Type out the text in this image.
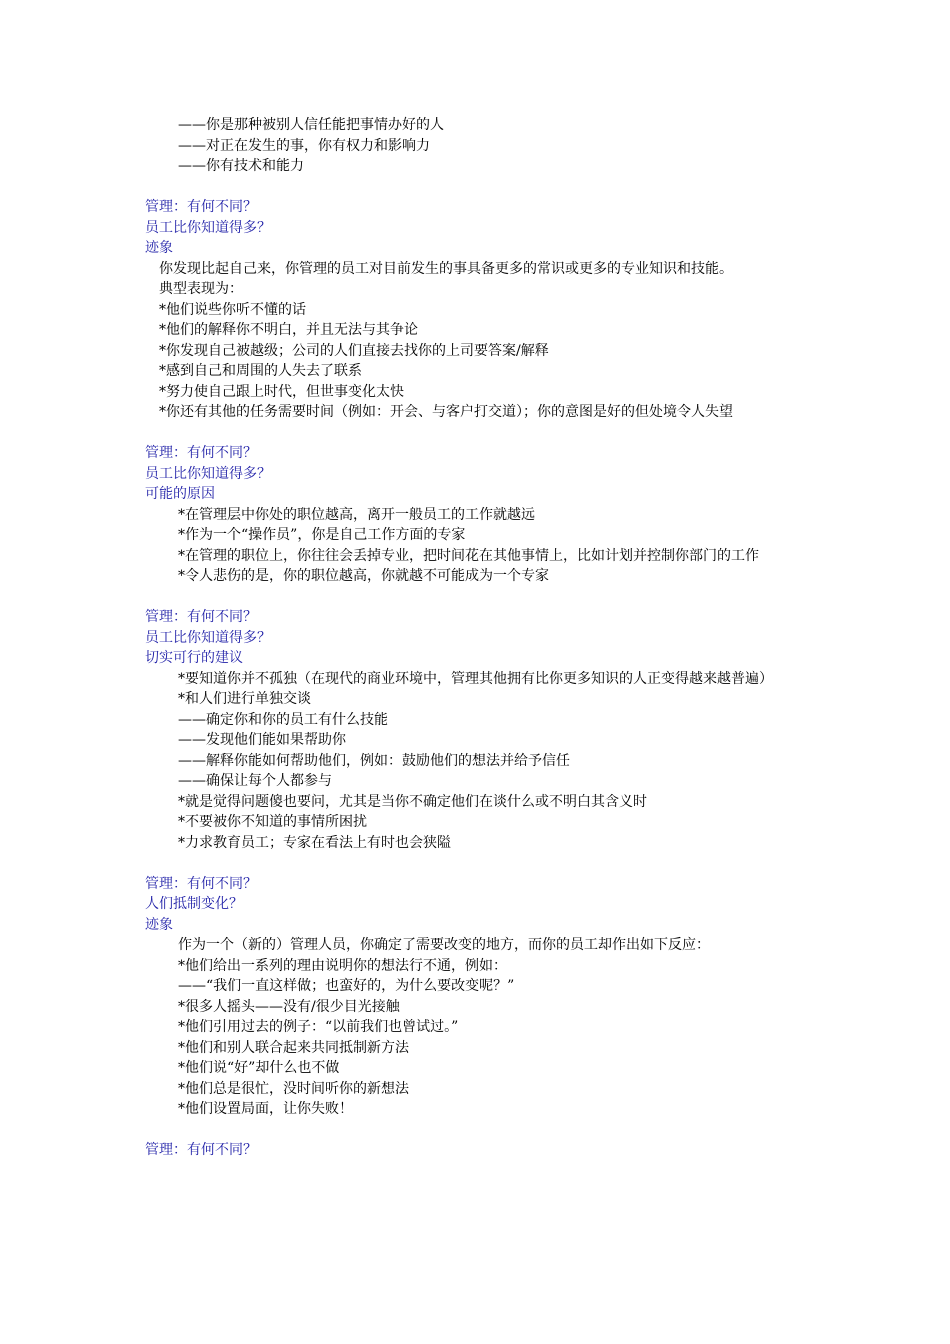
——你是那种被别人信任能把事情办好的人
——对正在发生的事，你有权力和影响力
——你有技术和能力
管理：有何不同？
员工比你知道得多？
迹象
你发现比起自己来，你管理的员工对目前发生的事具备更多的常识或更多的专业知识和技能。
典型表现为：
*他们说些你听不懂的话
*他们的解释你不明白，并且无法与其争论
*你发现自己被越级；公司的人们直接去找你的上司要答案/解释
*感到自己和周围的人失去了联系
*努力使自己跟上时代，但世事变化太快
*你还有其他的任务需要时间（例如：开会、与客户打交道）；你的意图是好的但处境令人失望
管理：有何不同？
员工比你知道得多？
可能的原因
*在管理层中你处的职位越高，离开一般员工的工作就越远
*作为一个“操作员”，你是自己工作方面的专家
*在管理的职位上，你往往会丢掉专业，把时间花在其他事情上，比如计划并控制你部门的工作
*令人悲伤的是，你的职位越高，你就越不可能成为一个专家
管理：有何不同？
员工比你知道得多？
切实可行的建议
*要知道你并不孤独（在现代的商业环境中，管理其他拥有比你更多知识的人正变得越来越普遍）
*和人们进行单独交谈
——确定你和你的员工有什么技能
——发现他们能如果帮助你
——解释你能如何帮助他们，例如：鼓励他们的想法并给予信任
——确保让每个人都参与
*就是觉得问题傻也要问，尤其是当你不确定他们在谈什么或不明白其含义时
*不要被你不知道的事情所困扰
*力求教育员工；专家在看法上有时也会狭隘
管理：有何不同？
人们抵制变化？
迹象
作为一个（新的）管理人员，你确定了需要改变的地方，而你的员工却作出如下反应：
*他们给出一系列的理由说明你的想法行不通，例如：
——“我们一直这样做；也蛮好的，为什么要改变呢？”
*很多人摇头——没有/很少目光接触
*他们引用过去的例子：“以前我们也曾试过。”
*他们和别人联合起来共同抵制新方法
*他们说“好”却什么也不做
*他们总是很忙，没时间听你的新想法
*他们设置局面，让你失败！
管理：有何不同？
